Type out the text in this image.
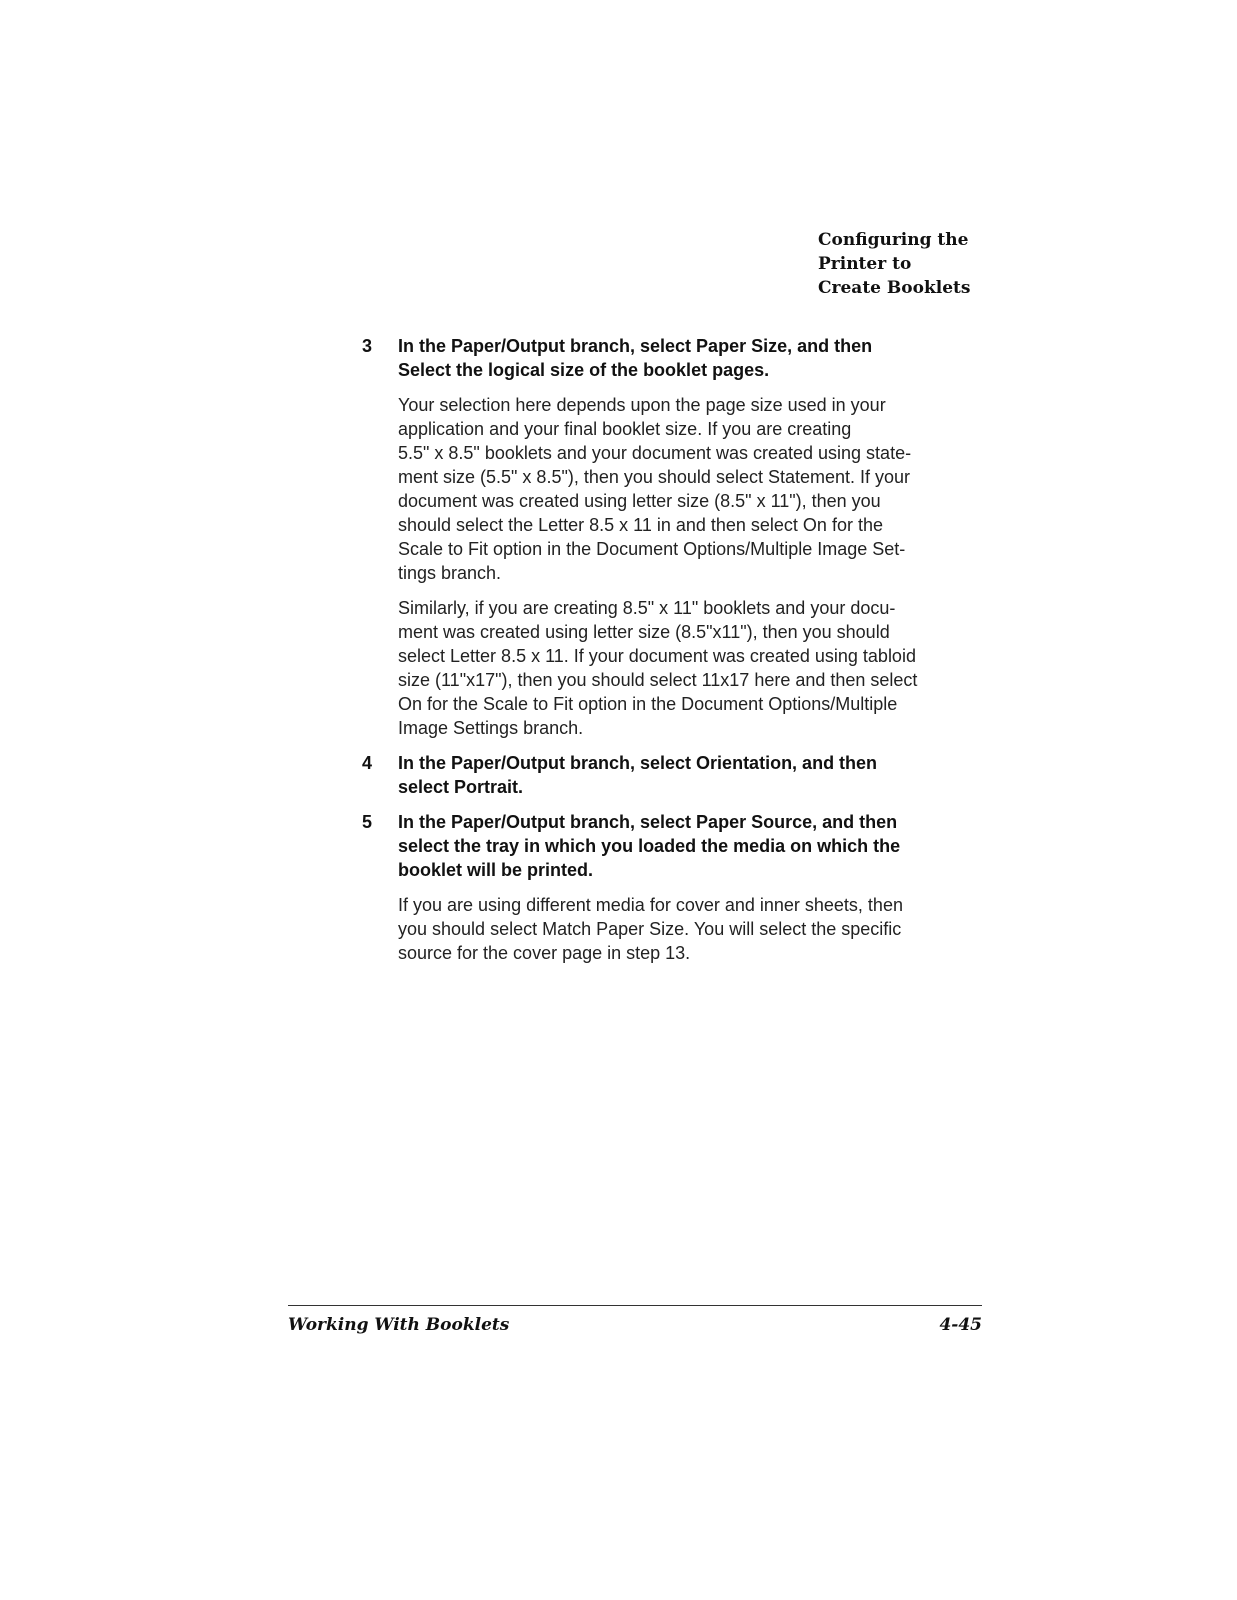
Configuring the
Printer to
Create Booklets
3	In the Paper/Output branch, select Paper Size, and then
Select the logical size of the booklet pages.
Your selection here depends upon the page size used in your
application and your final booklet size. If you are creating
5.5" x 8.5" booklets and your document was created using state-
ment size (5.5" x 8.5"), then you should select Statement. If your
document was created using letter size (8.5" x 11"), then you
should select the Letter 8.5 x 11 in and then select On for the
Scale to Fit option in the Document Options/Multiple Image Set-
tings branch.
Similarly, if you are creating 8.5" x 11" booklets and your docu-
ment was created using letter size (8.5"x11"), then you should
select Letter 8.5 x 11. If your document was created using tabloid
size (11"x17"), then you should select 11x17 here and then select
On for the Scale to Fit option in the Document Options/Multiple
Image Settings branch.
4	In the Paper/Output branch, select Orientation, and then
select Portrait.
5	In the Paper/Output branch, select Paper Source, and then
select the tray in which you loaded the media on which the
booklet will be printed.
If you are using different media for cover and inner sheets, then
you should select Match Paper Size. You will select the specific
source for the cover page in step 13.
Working With Booklets	4-45
